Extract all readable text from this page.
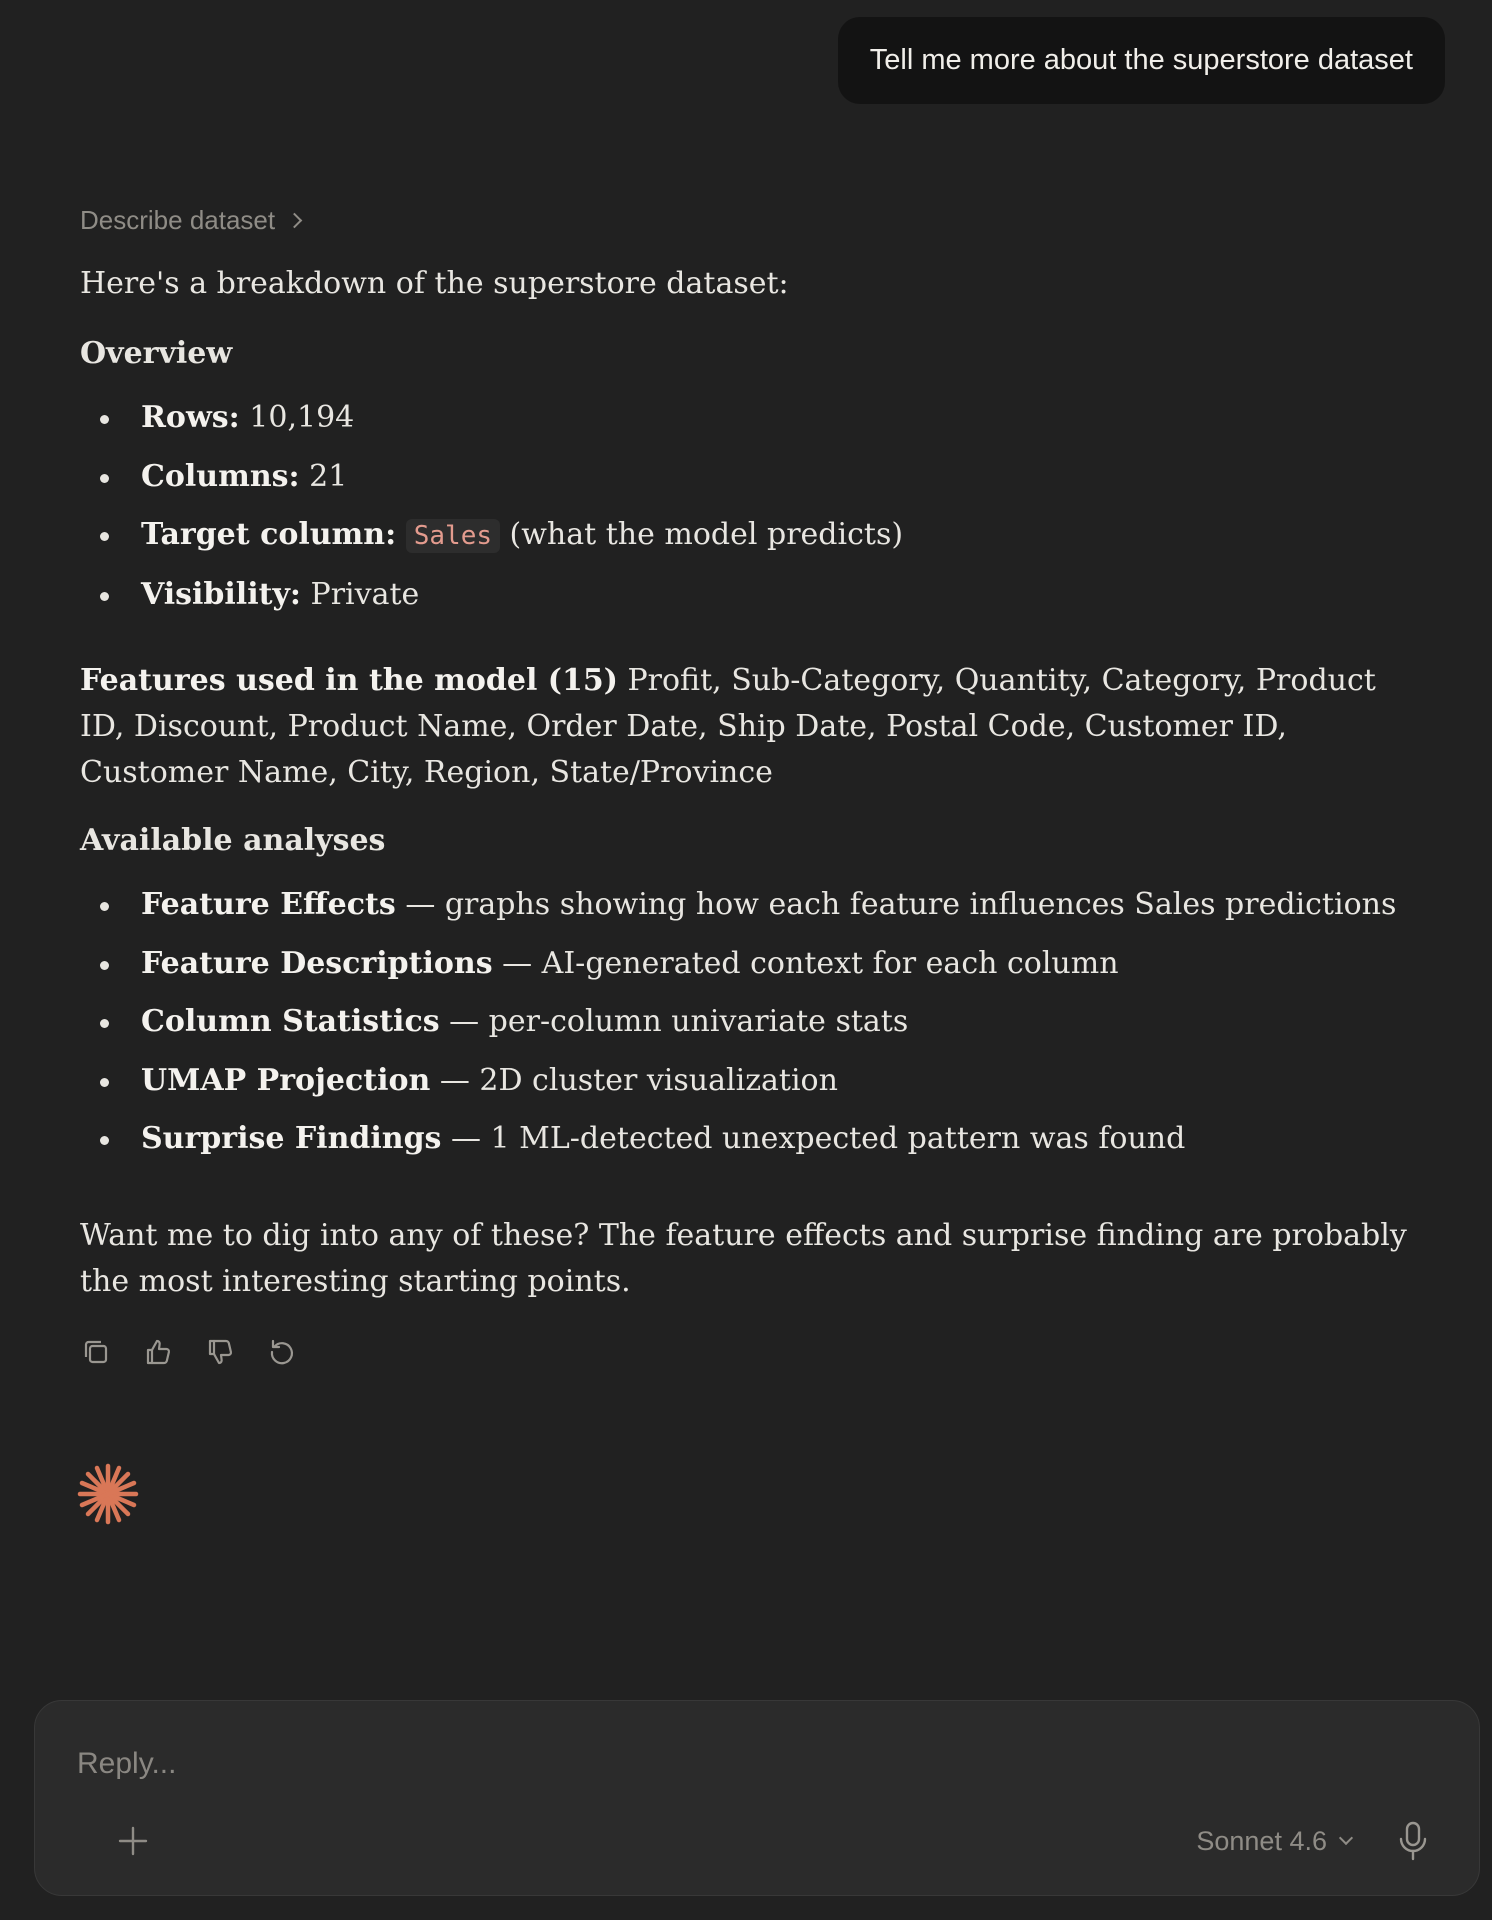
Tell me more about the superstore dataset
Describe dataset

Here's a breakdown of the superstore dataset:

Overview

Rows: 10,194
Columns: 21
Target column: Sales (what the model predicts)
Visibility: Private

Features used in the model (15) Profit, Sub-Category, Quantity, Category, Product ID, Discount, Product Name, Order Date, Ship Date, Postal Code, Customer ID, Customer Name, City, Region, State/Province

Available analyses

Feature Effects — graphs showing how each feature influences Sales predictions
Feature Descriptions — AI-generated context for each column
Column Statistics — per-column univariate stats
UMAP Projection — 2D cluster visualization
Surprise Findings — 1 ML-detected unexpected pattern was found

Want me to dig into any of these? The feature effects and surprise finding are probably the most interesting starting points.

Reply...
Sonnet 4.6
